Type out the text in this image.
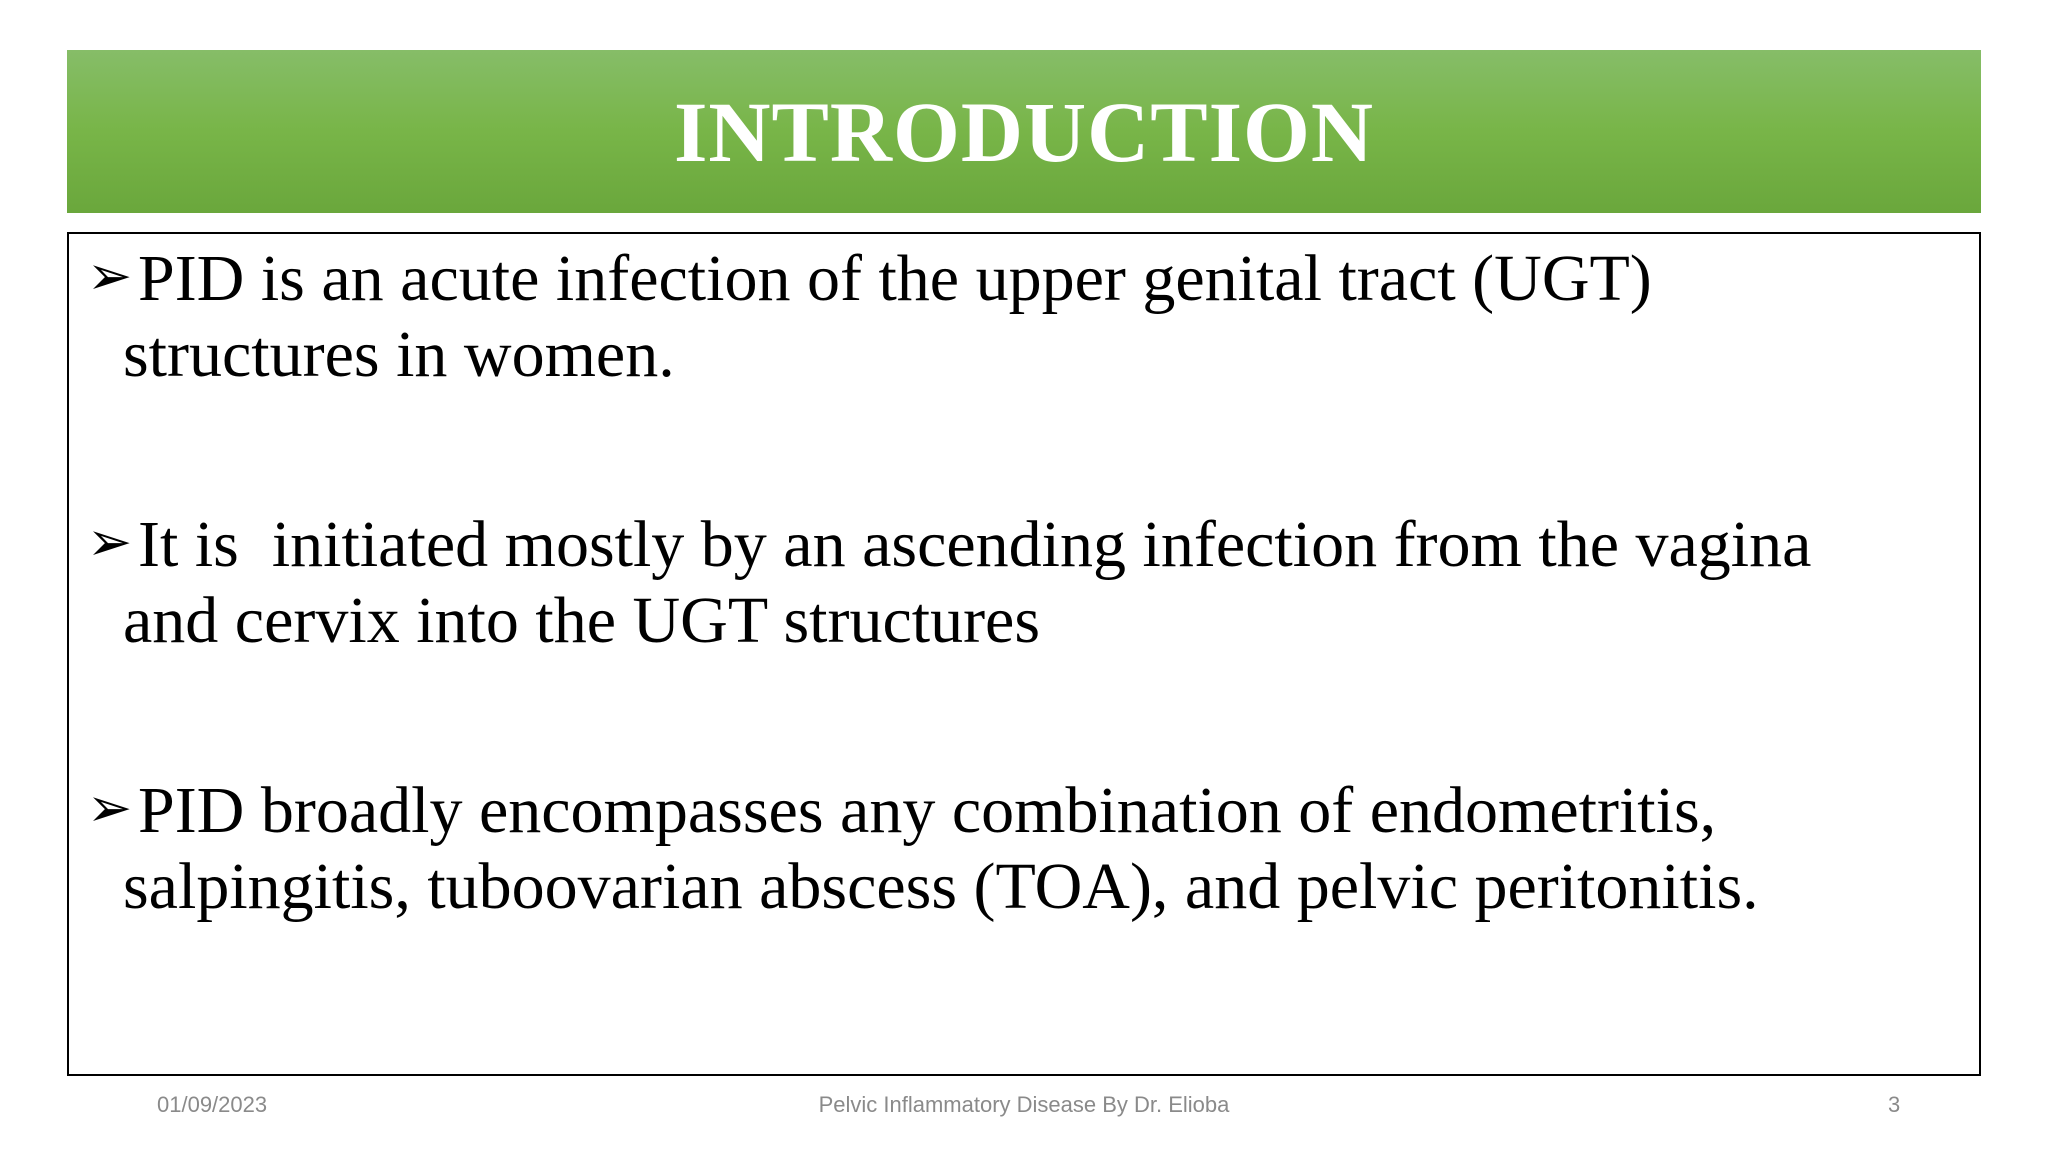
INTRODUCTION
➢PID is an acute infection of the upper genital tract (UGT)
structures in women.
➢It is  initiated mostly by an ascending infection from the vagina
and cervix into the UGT structures
➢PID broadly encompasses any combination of endometritis,
salpingitis, tuboovarian abscess (TOA), and pelvic peritonitis.
01/09/2023	Pelvic Inflammatory Disease By Dr. Elioba	3
